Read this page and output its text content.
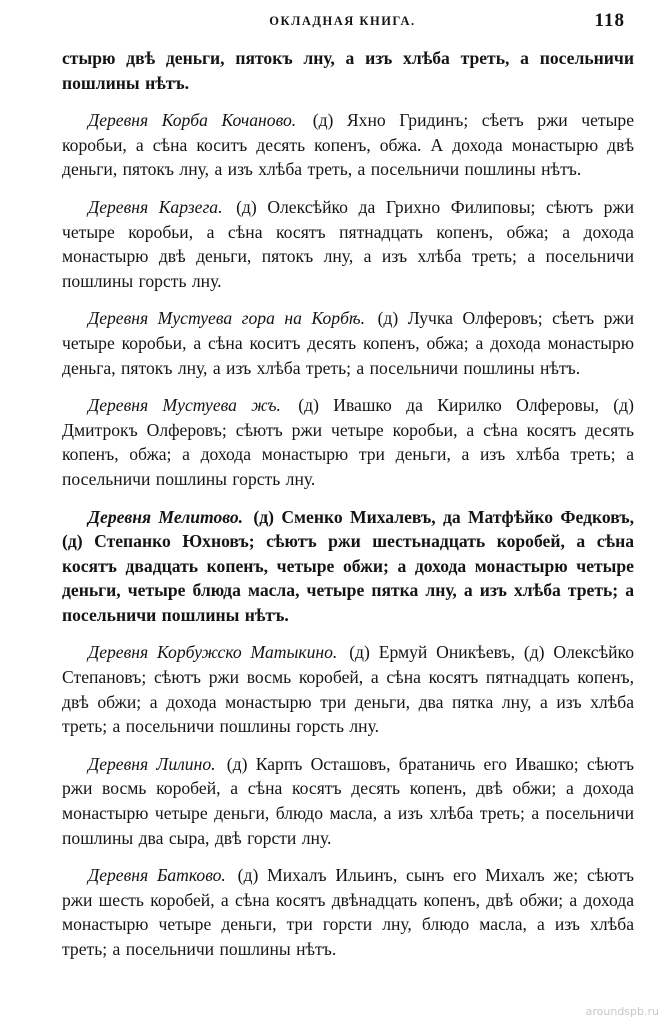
ОКЛАДНАЯ КНИГА.	118

стырю двѣ деньги, пятокъ лну, а изъ хлѣба треть, а посельничи пошлины нѣтъ.

Деревня Корба Кочаново. (д) Яхно Гридинъ; сѣетъ ржи четыре коробьи, а сѣна коситъ десять копенъ, обжа. А дохода монастырю двѣ деньги, пятокъ лну, а изъ хлѣба треть, а посельничи пошлины нѣтъ.

Деревня Карзега. (д) Олексѣйко да Грихно Филиповы; сѣютъ ржи четыре коробьи, а сѣна косятъ пятнадцать копенъ, обжа; а дохода монастырю двѣ деньги, пятокъ лну, а изъ хлѣба треть; а посельничи пошлины горсть лну.

Деревня Мустуева гора на Корбѣ. (д) Лучка Олферовъ; сѣетъ ржи четыре коробьи, а сѣна коситъ десять копенъ, обжа; а дохода монастырю деньга, пятокъ лну, а изъ хлѣба треть; а посельничи пошлины нѣтъ.

Деревня Мустуева жъ. (д) Ивашко да Кирилко Олферовы, (д) Дмитрокъ Олферовъ; сѣютъ ржи четыре коробьи, а сѣна косятъ десять копенъ, обжа; а дохода монастырю три деньги, а изъ хлѣба треть; а посельничи пошлины горсть лну.

Деревня Мелитово. (д) Сменко Михалевъ, да Матфѣйко Федковъ, (д) Степанко Юхновъ; сѣютъ ржи шестьнадцать коробей, а сѣна косятъ двадцать копенъ, четыре обжи; а дохода монастырю четыре деньги, четыре блюда масла, четыре пятка лну, а изъ хлѣба треть; а посельничи пошлины нѣтъ.

Деревня Корбужско Матыкино. (д) Ермуй Оникѣевъ, (д) Олексѣйко Степановъ; сѣютъ ржи восмь коробей, а сѣна косятъ пятнадцать копенъ, двѣ обжи; а дохода монастырю три деньги, два пятка лну, а изъ хлѣба треть; а посельничи пошлины горсть лну.

Деревня Лилино. (д) Карпъ Осташовъ, братаничь его Ивашко; сѣютъ ржи восмь коробей, а сѣна косятъ десять копенъ, двѣ обжи; а дохода монастырю четыре деньги, блюдо масла, а изъ хлѣба треть; а посельничи пошлины два сыра, двѣ горсти лну.

Деревня Батково. (д) Михалъ Ильинъ, сынъ его Михалъ же; сѣютъ ржи шесть коробей, а сѣна косятъ двѣнадцать копенъ, двѣ обжи; а дохода монастырю четыре деньги, три горсти лну, блюдо масла, а изъ хлѣба треть; а посельничи пошлины нѣтъ.

aroundspb.ru
